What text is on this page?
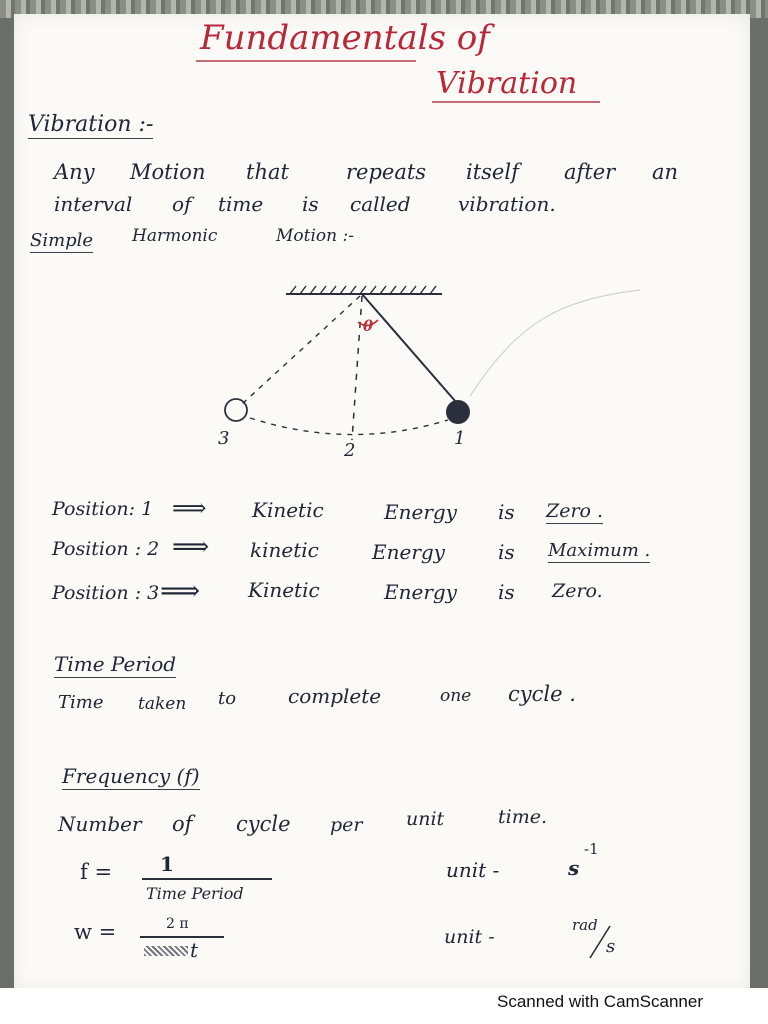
Fundamentals of
Vibration
Vibration :-
Any Motion that	repeats itself after an
interval of time is called vibration.
Simple Harmonic	Motion :-
θ
1
2
3
Position: 1 ⟹ Kinetic	Energy is Zero .
Position : 2 ⟹ kinetic	Energy	is Maximum .
Position : 3 ⟹ Kinetic	Energy is Zero.
Time Period
Time taken to	complete	one cycle .
Frequency (f)
Number of cycle per unit	time.
f = 1
Time Period
unit -	s
-1
w =	2 π
t
unit -
rad
s
Scanned with CamScanner
